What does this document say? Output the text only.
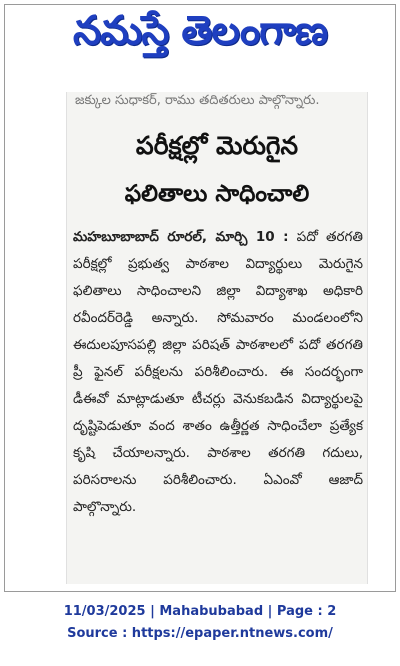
నమస్తే తెలంగాణ
జక్కుల సుధాకర్, రాము తదితరులు పాల్గొన్నారు.
పరీక్షల్లో మెరుగైన
ఫలితాలు సాధించాలి
మహబూబాబాద్ రూరల్, మార్చి 10 : పదో తరగతి పరీక్షల్లో ప్రభుత్వ పాఠశాల విద్యార్థులు మెరుగైన ఫలితాలు సాధించాలని జిల్లా విద్యాశాఖ అధికారి రవీందర్‌రెడ్డి అన్నారు. సోమవారం మండలంలోని ఈదులపూసపల్లి జిల్లా పరిషత్ పాఠశాలలో పదో తరగతి ప్రీ ఫైనల్ పరీక్షలను పరిశీలించారు. ఈ సందర్భంగా డీఈవో మాట్లాడుతూ టీచర్లు వెనుకబడిన విద్యార్థులపై దృష్టిపెడుతూ వంద శాతం ఉత్తీర్ణత సాధించేలా ప్రత్యేక కృషి చేయాలన్నారు. పాఠశాల తరగతి గదులు, పరిసరాలను పరిశీలించారు. ఏఎంవో ఆజాద్ పాల్గొన్నారు.
11/03/2025 | Mahabubabad | Page : 2
Source : https://epaper.ntnews.com/
